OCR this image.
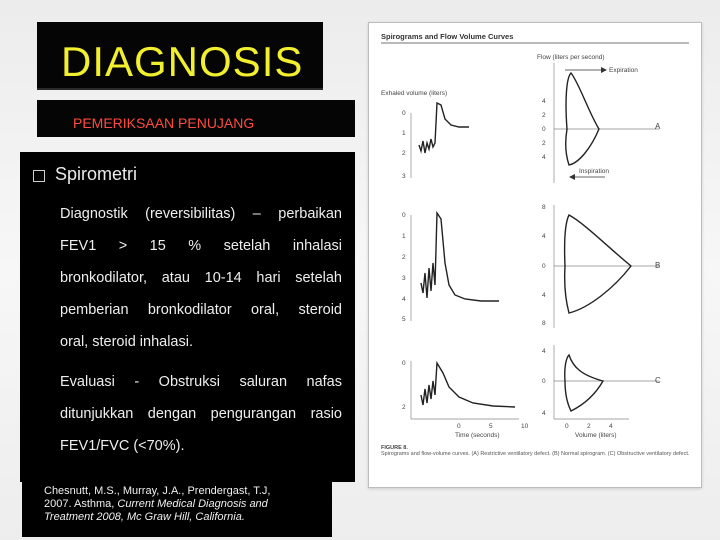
DIAGNOSIS
PEMERIKSAAN PENUJANG
Spirometri
Diagnostik (reversibilitas) – perbaikan
FEV1 > 15 % setelah inhalasi
bronkodilator, atau 10-14 hari setelah
pemberian bronkodilator oral, steroid
oral, steroid inhalasi.
Evaluasi - Obstruksi saluran nafas
ditunjukkan dengan pengurangan rasio
FEV1/FVC (<70%).
Chesnutt, M.S., Murray, J.A., Prendergast, T.J,
2007. Asthma, Current Medical Diagnosis and
Treatment 2008, Mc Graw Hill, California.
Spirograms and Flow Volume Curves
Flow (liters per second)
Exhaled volume (liters)
0
1
2
3
4
2
0
2
4
Expiration
Inspiration
A
0
1
2
3
4
5
8
4
0
4
8
B
0
2
0	5	10
Time (seconds)
4
0
4
0	2	4
Volume (liters)
C
FIGURE 8.
Spirograms and flow-volume curves. (A) Restrictive ventilatory defect. (B) Normal spirogram. (C) Obstructive ventilatory defect.
